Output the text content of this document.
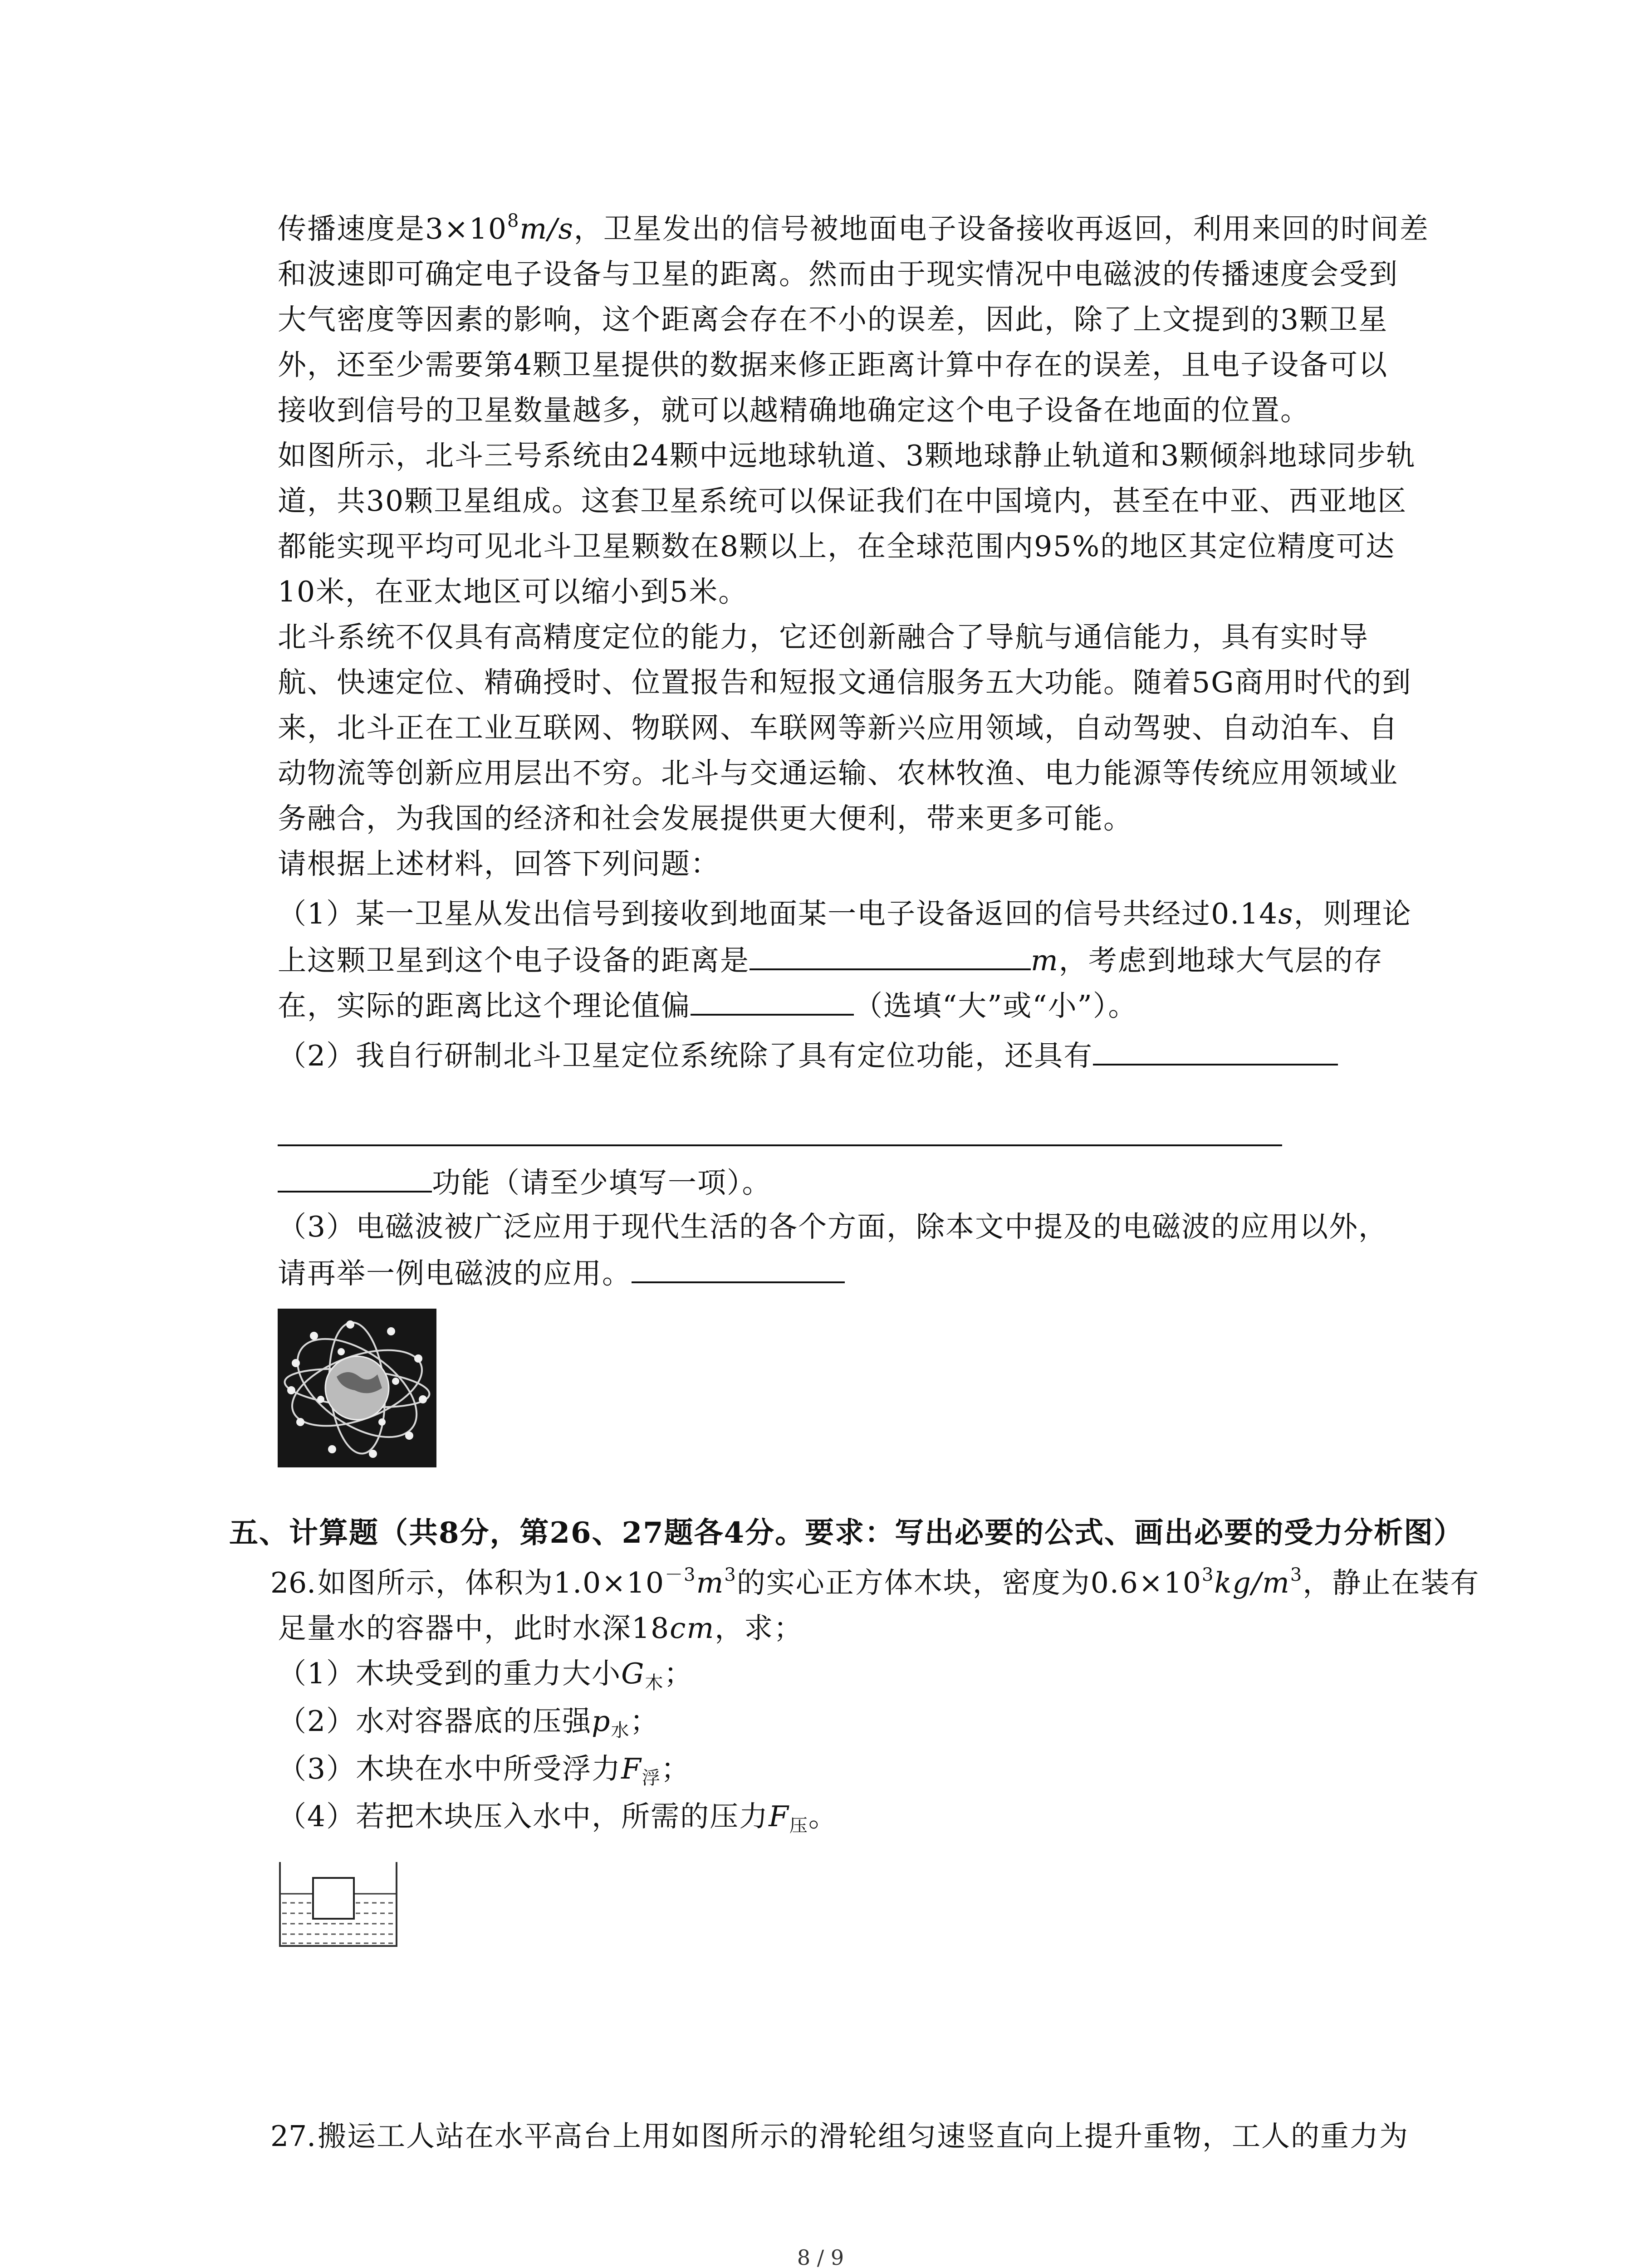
传播速度是$3\times 10^8m/s$，卫星发出的信号被地面电子设备接收再返回，利用来回的时间差
和波速即可确定电子设备与卫星的距离。然而由于现实情况中电磁波的传播速度会受到
大气密度等因素的影响，这个距离会存在不小的误差，因此，除了上文提到的3颗卫星
外，还至少需要第4颗卫星提供的数据来修正距离计算中存在的误差，且电子设备可以
接收到信号的卫星数量越多，就可以越精确地确定这个电子设备在地面的位置。
如图所示，北斗三号系统由24颗中远地球轨道、3颗地球静止轨道和3颗倾斜地球同步轨
道，共30颗卫星组成。这套卫星系统可以保证我们在中国境内，甚至在中亚、西亚地区
都能实现平均可见北斗卫星颗数在8颗以上，在全球范围内95%的地区其定位精度可达
10米，在亚太地区可以缩小到5米。
北斗系统不仅具有高精度定位的能力，它还创新融合了导航与通信能力，具有实时导
航、快速定位、精确授时、位置报告和短报文通信服务五大功能。随着5G商用时代的到
来，北斗正在工业互联网、物联网、车联网等新兴应用领域，自动驾驶、自动泊车、自
动物流等创新应用层出不穷。北斗与交通运输、农林牧渔、电力能源等传统应用领域业
务融合，为我国的经济和社会发展提供更大便利，带来更多可能。
请根据上述材料，回答下列问题：
（1）某一卫星从发出信号到接收到地面某一电子设备返回的信号共经过0.14s，则理论
上这颗卫星到这个电子设备的距离是	m，考虑到地球大气层的存
在，实际的距离比这个理论值偏	（选填“大”或“小”）。
（2）我自行研制北斗卫星定位系统除了具有定位功能，还具有
功能（请至少填写一项）。
（3）电磁波被广泛应用于现代生活的各个方面，除本文中提及的电磁波的应用以外，
请再举一例电磁波的应用。
五、计算题（共8分，第26、27题各4分。要求：写出必要的公式、画出必要的受力分析图）
26. 如图所示，体积为$1.0\times 10^{-3}m^3$的实心正方体木块，密度为$0.6\times 10^3kg/m^3$，静止在装有
足量水的容器中，此时水深18cm，求；
（1）木块受到的重力大小$G_木$；
（2）水对容器底的压强$p_水$；
（3）木块在水中所受浮力$F_浮$；
（4）若把木块压入水中，所需的压力$F_压$。
27. 搬运工人站在水平高台上用如图所示的滑轮组匀速竖直向上提升重物，工人的重力为
8 / 9
